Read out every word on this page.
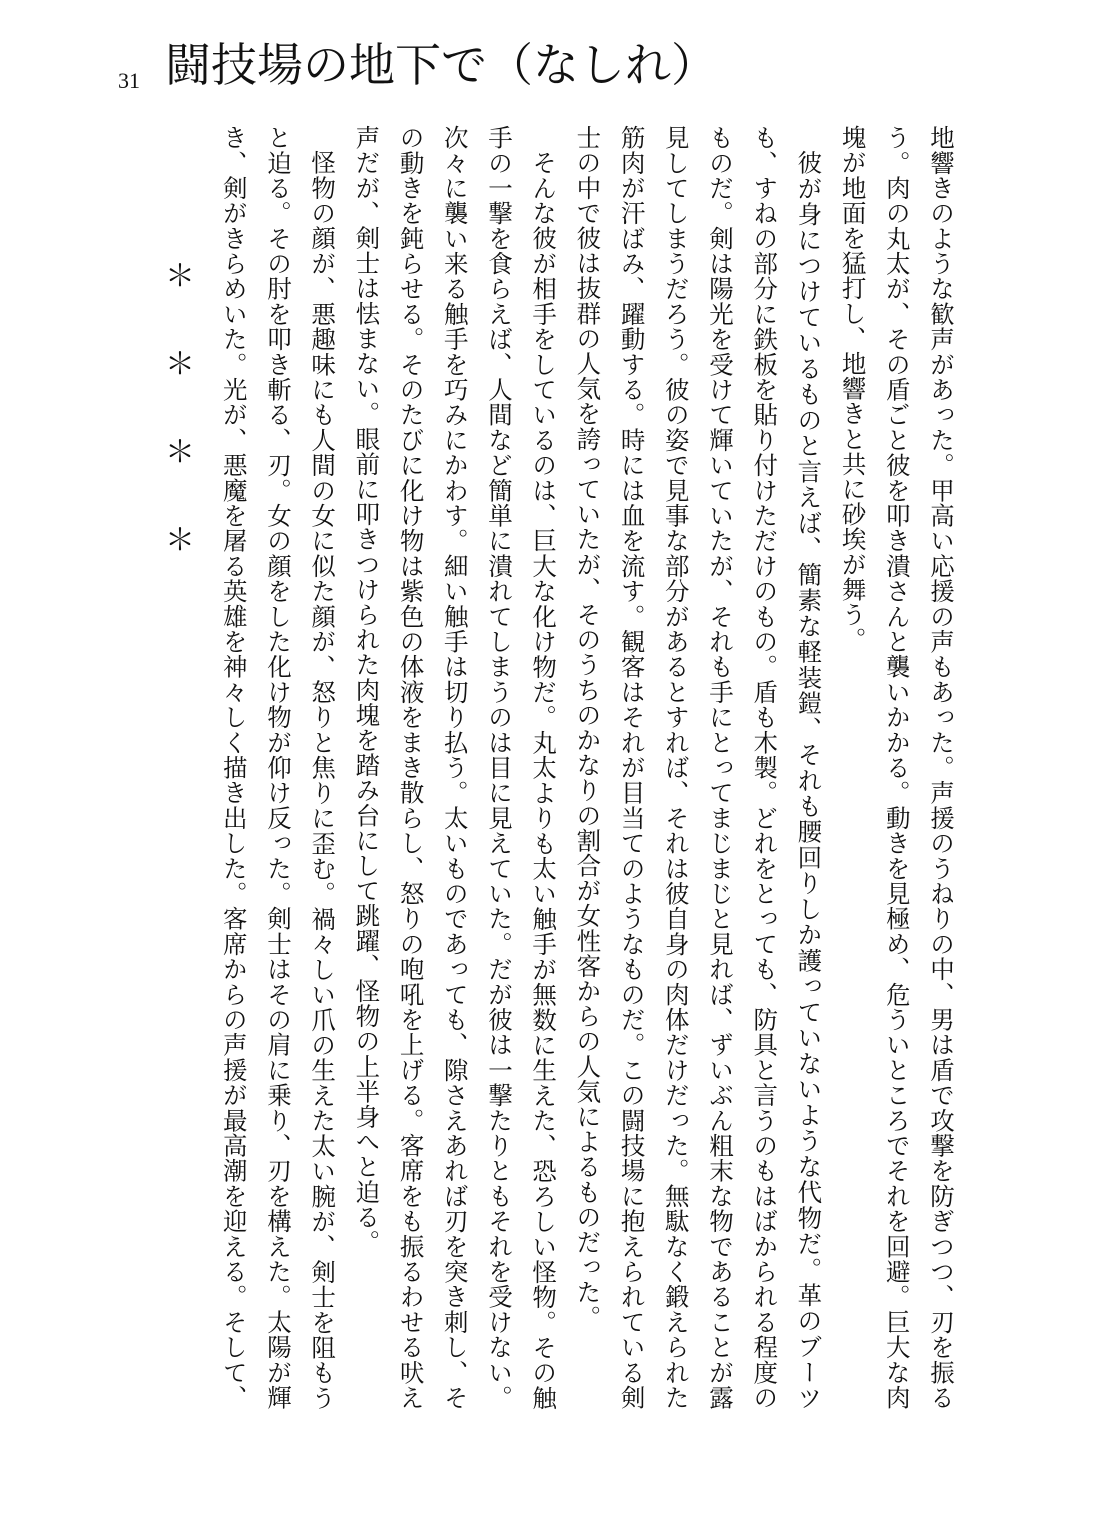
31 闘技場の地下で（なしれ）

地響きのような歓声があった。甲高い応援の声もあった。声援のうねりの中、男は盾で攻撃を防ぎつつ、刃を振るう。肉の丸太が、その盾ごと彼を叩き潰さんと襲いかかる。動きを見極め、危ういところでそれを回避。巨大な肉塊が地面を猛打し、地響きと共に砂埃が舞う。

彼が身につけているものと言えば、簡素な軽装鎧、それも腰回りしか護っていないような代物だ。革のブーツも、すねの部分に鉄板を貼り付けただけのもの。盾も木製。どれをとっても、防具と言うのもはばかられる程度のものだ。剣は陽光を受けて輝いていたが、それも手にとってまじまじと見れば、ずいぶん粗末な物であることが露見してしまうだろう。彼の姿で見事な部分があるとすれば、それは彼自身の肉体だけだった。無駄なく鍛えられた筋肉が汗ばみ、躍動する。時には血を流す。観客はそれが目当てのようなものだ。この闘技場に抱えられている剣士の中で彼は抜群の人気を誇っていたが、そのうちのかなりの割合が女性客からの人気によるものだった。

そんな彼が相手をしているのは、巨大な化け物だ。丸太よりも太い触手が無数に生えた、恐ろしい怪物。その触手の一撃を食らえば、人間など簡単に潰れてしまうのは目に見えていた。だが彼は一撃たりともそれを受けない。次々に襲い来る触手を巧みにかわす。細い触手は切り払う。太いものであっても、隙さえあれば刃を突き刺し、その動きを鈍らせる。そのたびに化け物は紫色の体液をまき散らし、怒りの咆吼を上げる。客席をも振るわせる吠え声だが、剣士は怯まない。眼前に叩きつけられた肉塊を踏み台にして跳躍、怪物の上半身へと迫る。

怪物の顔が、悪趣味にも人間の女に似た顔が、怒りと焦りに歪む。禍々しい爪の生えた太い腕が、剣士を阻もうと迫る。その肘を叩き斬る、刃。女の顔をした化け物が仰け反った。剣士はその肩に乗り、刃を構えた。太陽が輝き、剣がきらめいた。光が、悪魔を屠る英雄を神々しく描き出した。客席からの声援が最高潮を迎える。そして、

＊
＊
＊
＊
